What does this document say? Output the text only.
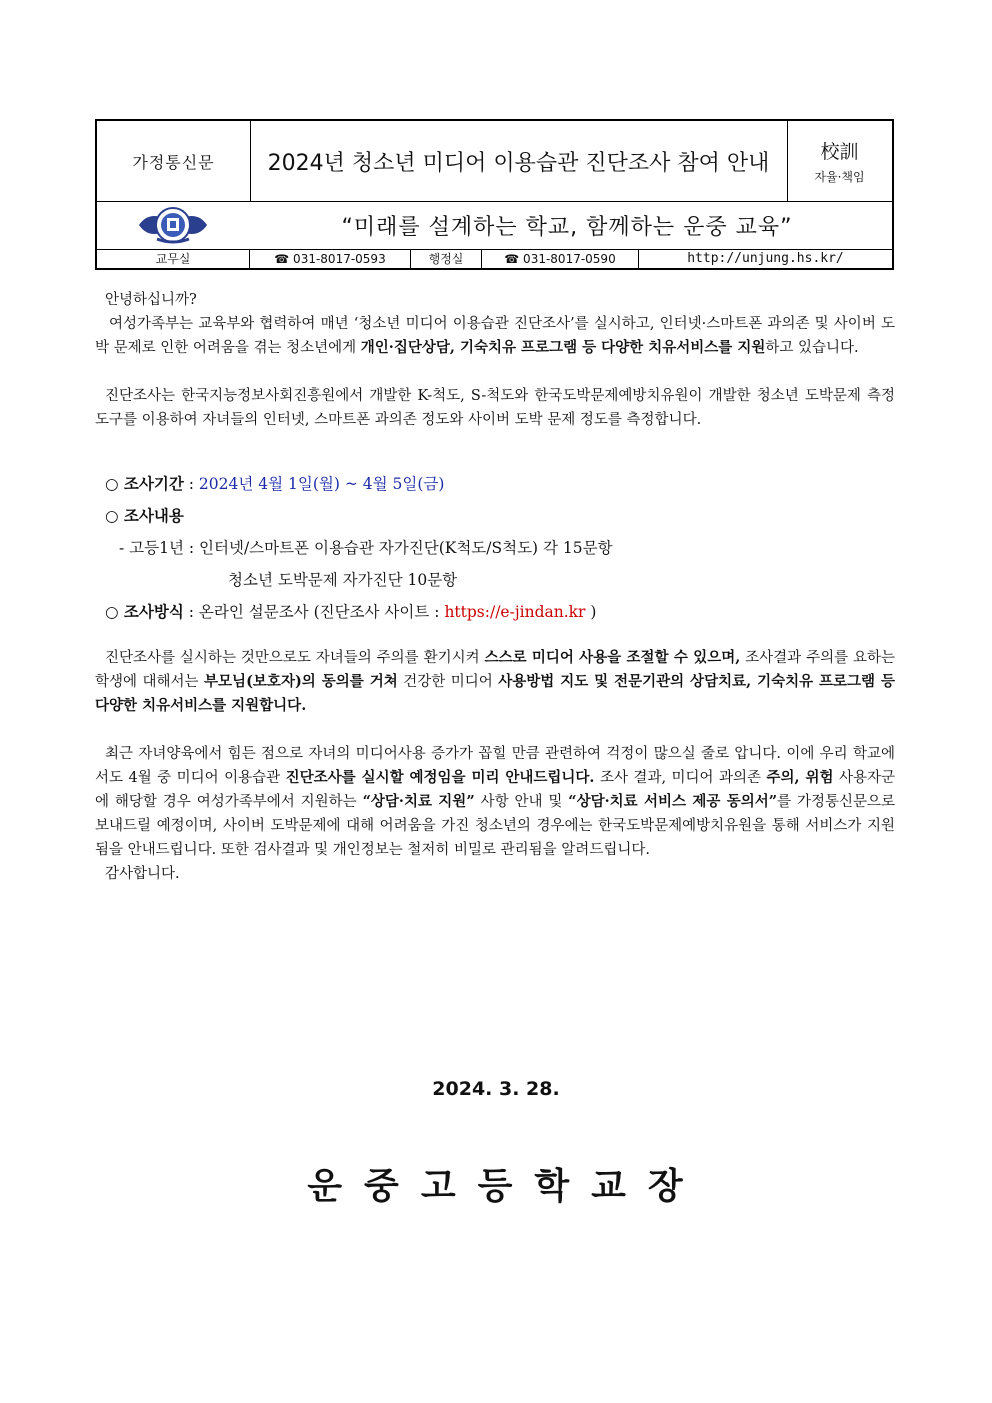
가정통신문	2024년 청소년 미디어 이용습관 진단조사 참여 안내	校訓
자율·책임
“미래를 설계하는 학교, 함께하는 운중 교육”
교무실	☎ 031-8017-0593	행정실	☎ 031-8017-0590	http://unjung.hs.kr/

안녕하십니까?

여성가족부는 교육부와 협력하여 매년 ‘청소년 미디어 이용습관 진단조사’를 실시하고, 인터넷·스마트폰 과의존 및 사이버 도박 문제로 인한 어려움을 겪는 청소년에게 개인·집단상담, 기숙치유 프로그램 등 다양한 치유서비스를 지원하고 있습니다.

진단조사는 한국지능정보사회진흥원에서 개발한 K-척도, S-척도와 한국도박문제예방치유원이 개발한 청소년 도박문제 측정도구를 이용하여 자녀들의 인터넷, 스마트폰 과의존 정도와 사이버 도박 문제 정도를 측정합니다.

○ 조사기간 : 2024년 4월 1일(월) ~ 4월 5일(금)
○ 조사내용
- 고등1년 : 인터넷/스마트폰 이용습관 자가진단(K척도/S척도) 각 15문항
청소년 도박문제 자가진단 10문항
○ 조사방식 : 온라인 설문조사 (진단조사 사이트 : https://e-jindan.kr )

진단조사를 실시하는 것만으로도 자녀들의 주의를 환기시켜 스스로 미디어 사용을 조절할 수 있으며, 조사결과 주의를 요하는 학생에 대해서는 부모님(보호자)의 동의를 거쳐 건강한 미디어 사용방법 지도 및 전문기관의 상담치료, 기숙치유 프로그램 등 다양한 치유서비스를 지원합니다.

최근 자녀양육에서 힘든 점으로 자녀의 미디어사용 증가가 꼽힐 만큼 관련하여 걱정이 많으실 줄로 압니다. 이에 우리 학교에서도 4월 중 미디어 이용습관 진단조사를 실시할 예정임을 미리 안내드립니다. 조사 결과, 미디어 과의존 주의, 위험 사용자군에 해당할 경우 여성가족부에서 지원하는 “상담·치료 지원” 사항 안내 및 “상담·치료 서비스 제공 동의서”를 가정통신문으로 보내드릴 예정이며, 사이버 도박문제에 대해 어려움을 가진 청소년의 경우에는 한국도박문제예방치유원을 통해 서비스가 지원됨을 안내드립니다. 또한 검사결과 및 개인정보는 철저히 비밀로 관리됨을 알려드립니다.

감사합니다.

2024. 3. 28.
운중고등학교장
